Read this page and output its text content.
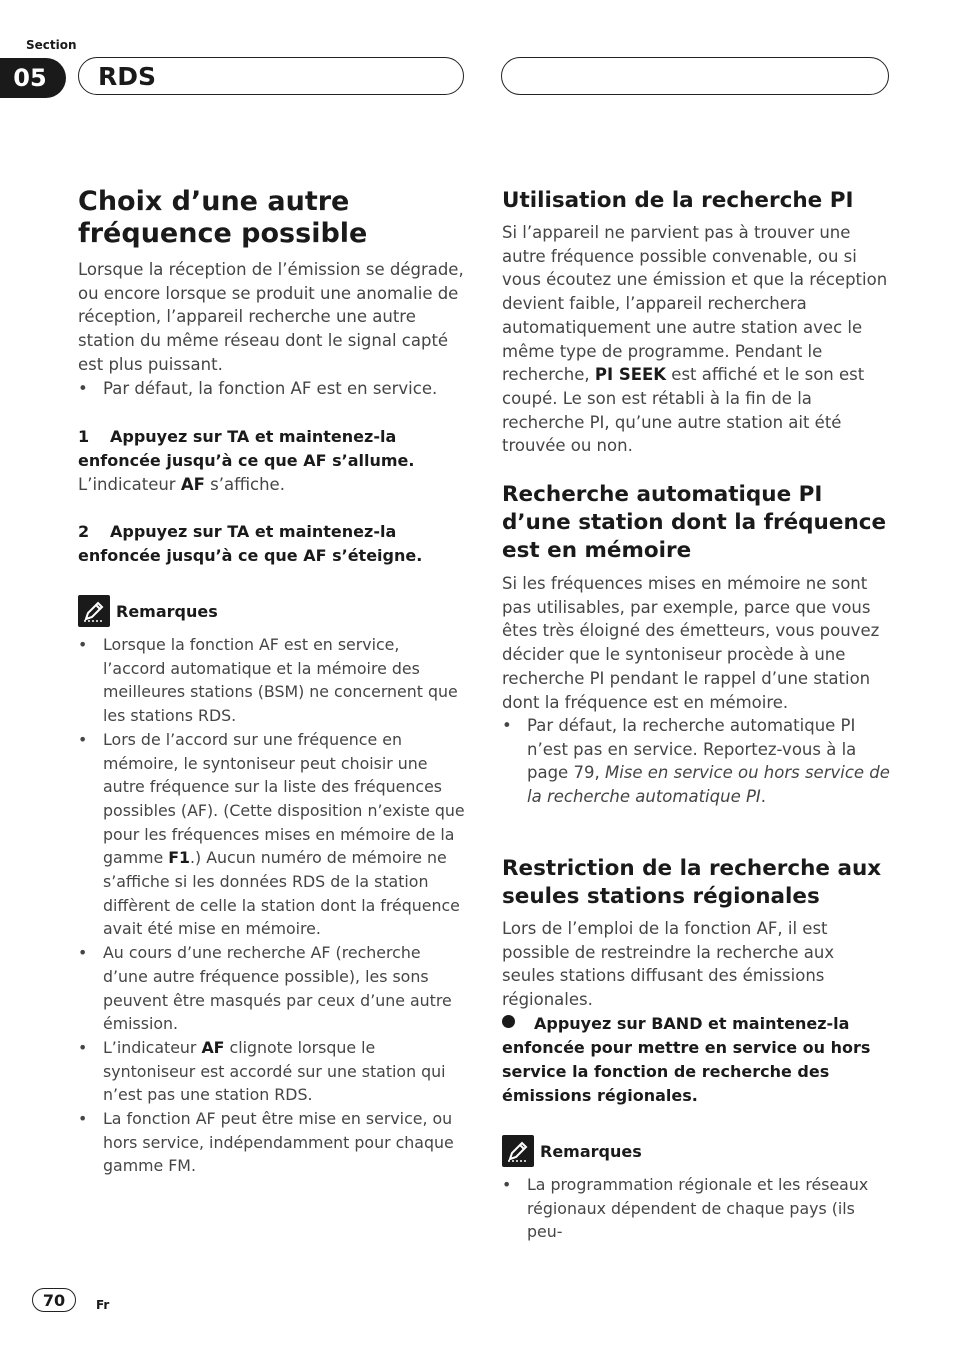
Section
05	RDS
Choix d’une autre fréquence possible

Lorsque la réception de l’émission se dégrade, ou encore lorsque se produit une anomalie de réception, l’appareil recherche une autre station du même réseau dont le signal capté est plus puissant.

• Par défaut, la fonction AF est en service.

1 Appuyez sur TA et maintenez-la enfoncée jusqu’à ce que AF s’allume.

L’indicateur AF s’affiche.

2 Appuyez sur TA et maintenez-la enfoncée jusqu’à ce que AF s’éteigne.

Remarques
• Lorsque la fonction AF est en service, l’accord automatique et la mémoire des meilleures stations (BSM) ne concernent que les stations RDS.
• Lors de l’accord sur une fréquence en mémoire, le syntoniseur peut choisir une autre fréquence sur la liste des fréquences possibles (AF). (Cette disposition n’existe que pour les fréquences mises en mémoire de la gamme F1.) Aucun numéro de mémoire ne s’affiche si les données RDS de la station diffèrent de celle la station dont la fréquence avait été mise en mémoire.
• Au cours d’une recherche AF (recherche d’une autre fréquence possible), les sons peuvent être masqués par ceux d’une autre émission.
• L’indicateur AF clignote lorsque le syntoniseur est accordé sur une station qui n’est pas une station RDS.
• La fonction AF peut être mise en service, ou hors service, indépendamment pour chaque gamme FM.
Utilisation de la recherche PI

Si l’appareil ne parvient pas à trouver une autre fréquence possible convenable, ou si vous écoutez une émission et que la réception devient faible, l’appareil recherchera automatiquement une autre station avec le même type de programme. Pendant le recherche, PI SEEK est affiché et le son est coupé. Le son est rétabli à la fin de la recherche PI, qu’une autre station ait été trouvée ou non.

Recherche automatique PI d’une station dont la fréquence est en mémoire

Si les fréquences mises en mémoire ne sont pas utilisables, par exemple, parce que vous êtes très éloigné des émetteurs, vous pouvez décider que le syntoniseur procède à une recherche PI pendant le rappel d’une station dont la fréquence est en mémoire.

• Par défaut, la recherche automatique PI n’est pas en service. Reportez-vous à la page 79, Mise en service ou hors service de la recherche automatique PI.
Restriction de la recherche aux seules stations régionales

Lors de l’emploi de la fonction AF, il est possible de restreindre la recherche aux seules stations diffusant des émissions régionales.

Appuyez sur BAND et maintenez-la enfoncée pour mettre en service ou hors service la fonction de recherche des émissions régionales.

Remarques
• La programmation régionale et les réseaux régionaux dépendent de chaque pays (ils peu-
70	Fr
